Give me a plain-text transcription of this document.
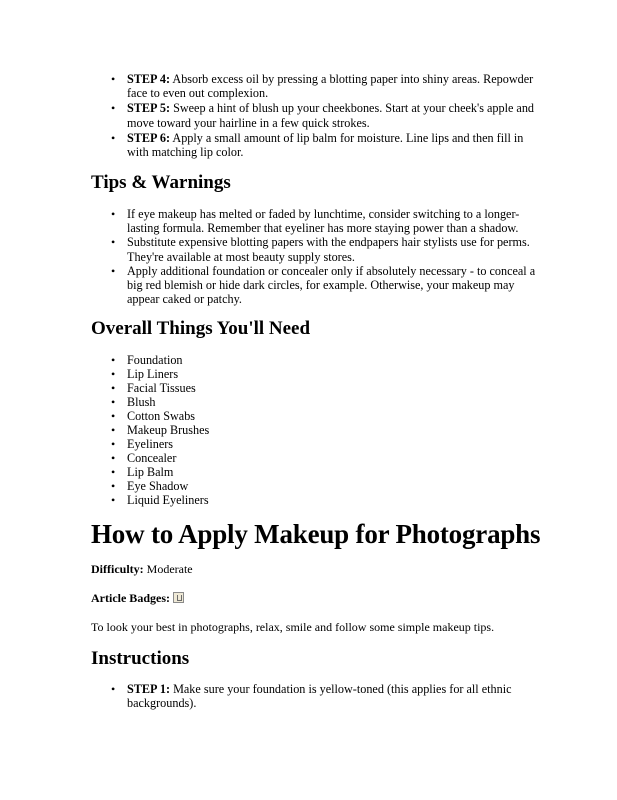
• STEP 4: Absorb excess oil by pressing a blotting paper into shiny areas. Repowder face to even out complexion.
• STEP 5: Sweep a hint of blush up your cheekbones. Start at your cheek's apple and move toward your hairline in a few quick strokes.
• STEP 6: Apply a small amount of lip balm for moisture. Line lips and then fill in with matching lip color.
Tips & Warnings
• If eye makeup has melted or faded by lunchtime, consider switching to a longer-lasting formula. Remember that eyeliner has more staying power than a shadow.
• Substitute expensive blotting papers with the endpapers hair stylists use for perms. They're available at most beauty supply stores.
• Apply additional foundation or concealer only if absolutely necessary - to conceal a big red blemish or hide dark circles, for example. Otherwise, your makeup may appear caked or patchy.
Overall Things You'll Need
• Foundation
• Lip Liners
• Facial Tissues
• Blush
• Cotton Swabs
• Makeup Brushes
• Eyeliners
• Concealer
• Lip Balm
• Eye Shadow
• Liquid Eyeliners
How to Apply Makeup for Photographs

Difficulty: Moderate

Article Badges:

To look your best in photographs, relax, smile and follow some simple makeup tips.

Instructions
• STEP 1: Make sure your foundation is yellow-toned (this applies for all ethnic backgrounds).
